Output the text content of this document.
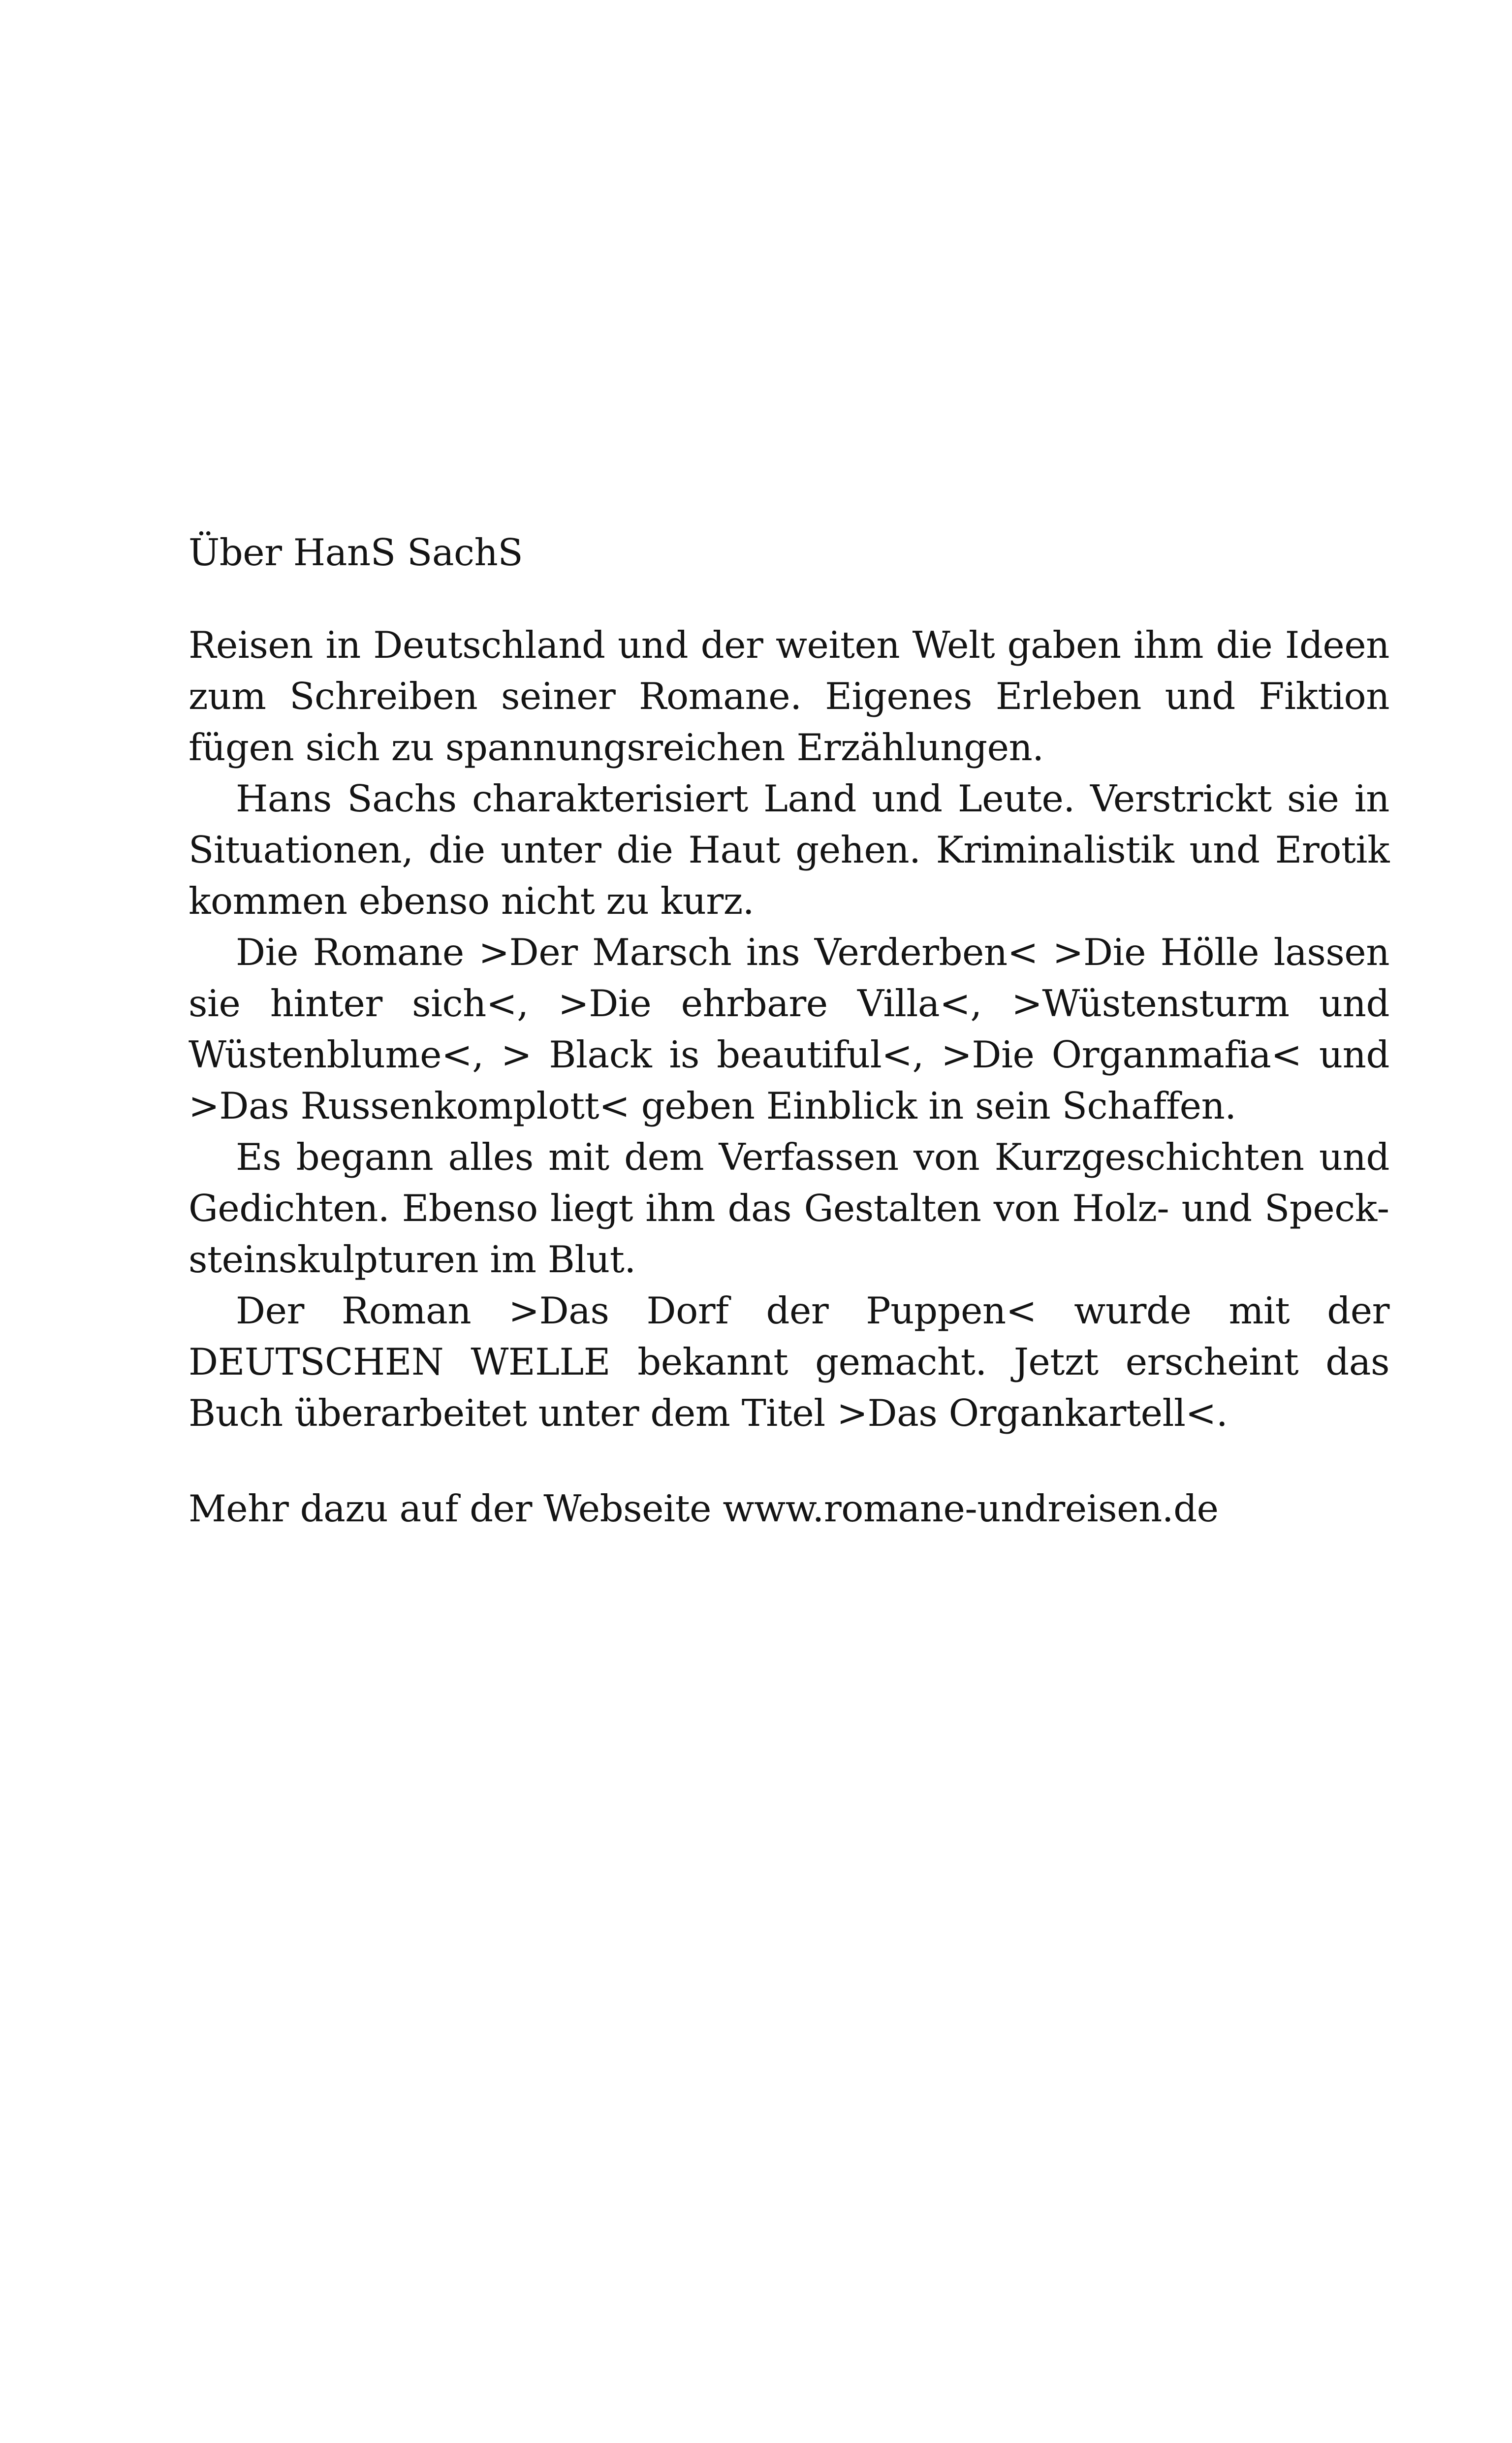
Über HanS SachS

Reisen in Deutschland und der weiten Welt gaben ihm die Ideen zum Schreiben seiner Romane. Eigenes Erleben und Fiktion fügen sich zu spannungsreichen Erzählungen.

Hans Sachs charakterisiert Land und Leute. Verstrickt sie in Situationen, die unter die Haut gehen. Kriminalistik und Erotik kommen ebenso nicht zu kurz.

Die Romane >Der Marsch ins Verderben< >Die Hölle lassen sie hinter sich<, >Die ehrbare Villa<, >Wüstensturm und Wüstenblume<, > Black is beautiful<, >Die Organmafia< und >Das Russenkomplott< geben Einblick in sein Schaffen.

Es begann alles mit dem Verfassen von Kurzgeschichten und Gedichten. Ebenso liegt ihm das Gestalten von Holz- und Specksteinskulpturen im Blut.

Der Roman >Das Dorf der Puppen< wurde mit der DEUTSCHEN WELLE bekannt gemacht. Jetzt erscheint das Buch überarbeitet unter dem Titel >Das Organkartell<.

Mehr dazu auf der Webseite www.romane-undreisen.de
